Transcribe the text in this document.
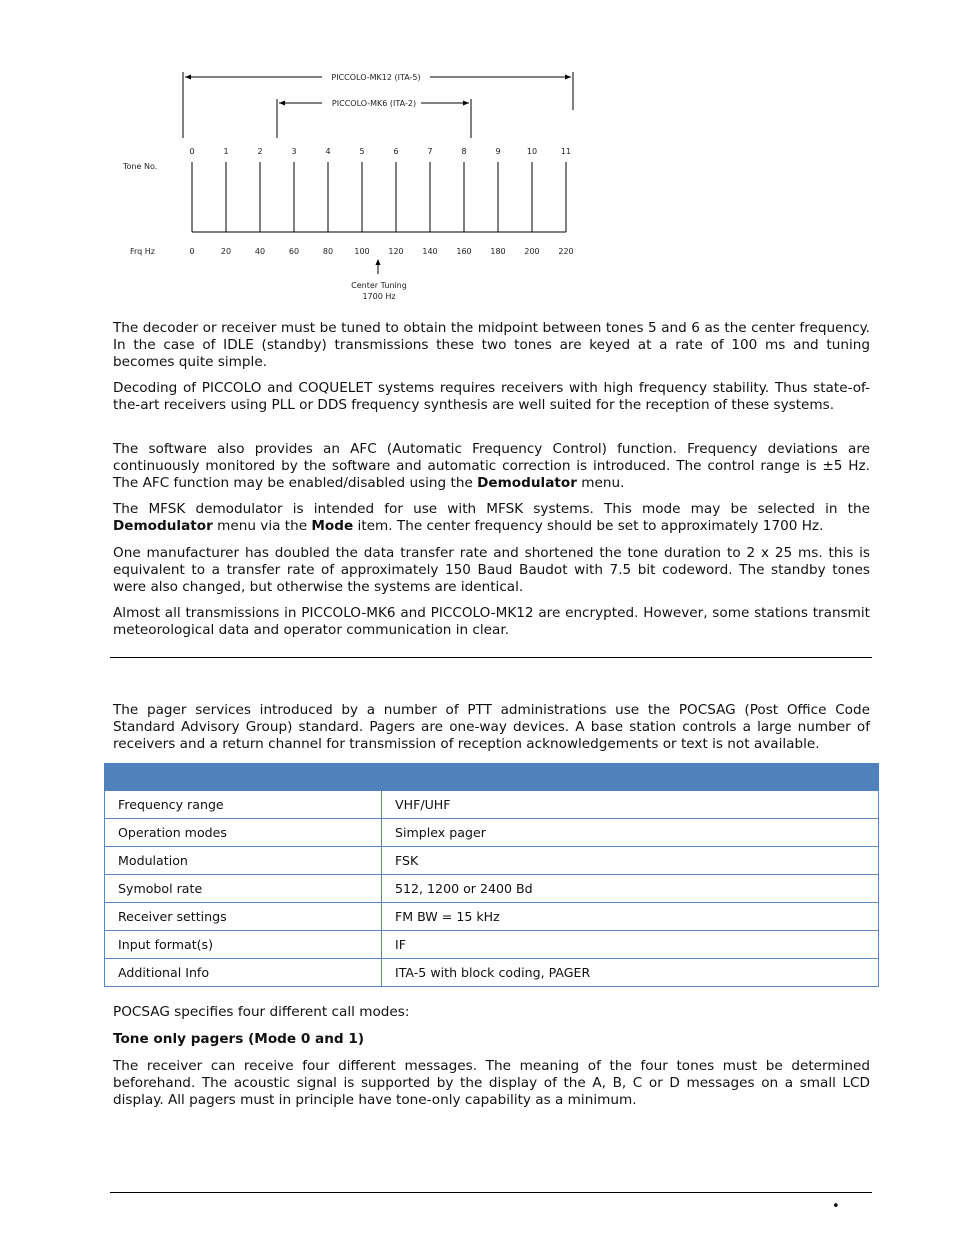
PICCOLO-MK12 (ITA-5)
PICCOLO-MK6 (ITA-2)
Tone No.
Frq Hz
0
0
1
20
2
40
3
60
4
80
5
100
6
120
7
140
8
160
9
180
10
200
11
220
Center Tuning
1700 Hz

The decoder or receiver must be tuned to obtain the midpoint between tones 5 and 6 as the center frequency. In the case of IDLE (standby) transmissions these two tones are keyed at a rate of 100 ms and tuning becomes quite simple.

Decoding of PICCOLO and COQUELET systems requires receivers with high frequency stability. Thus state-of-the-art receivers using PLL or DDS frequency synthesis are well suited for the reception of these systems.

The software also provides an AFC (Automatic Frequency Control) function. Frequency deviations are continuously monitored by the software and automatic correction is introduced. The control range is ±5 Hz. The AFC function may be enabled/disabled using the Demodulator menu.

The MFSK demodulator is intended for use with MFSK systems. This mode may be selected in the Demodulator menu via the Mode item. The center frequency should be set to approximately 1700 Hz.

One manufacturer has doubled the data transfer rate and shortened the tone duration to 2 x 25 ms. this is equivalent to a transfer rate of approximately 150 Baud Baudot with 7.5 bit codeword. The standby tones were also changed, but otherwise the systems are identical.

Almost all transmissions in PICCOLO-MK6 and PICCOLO-MK12 are encrypted. However, some stations transmit meteorological data and operator communication in clear.

The pager services introduced by a number of PTT administrations use the POCSAG (Post Office Code Standard Advisory Group) standard. Pagers are one-way devices. A base station controls a large number of receivers and a return channel for transmission of reception acknowledgements or text is not available.

Frequency range	VHF/UHF
Operation modes	Simplex pager
Modulation	FSK
Symobol rate	512, 1200 or 2400 Bd
Receiver settings	FM BW = 15 kHz
Input format(s)	IF
Additional Info	ITA-5 with block coding, PAGER

POCSAG specifies four different call modes:

Tone only pagers (Mode 0 and 1)

The receiver can receive four different messages. The meaning of the four tones must be determined beforehand. The acoustic signal is supported by the display of the A, B, C or D messages on a small LCD display. All pagers must in principle have tone-only capability as a minimum.

•
